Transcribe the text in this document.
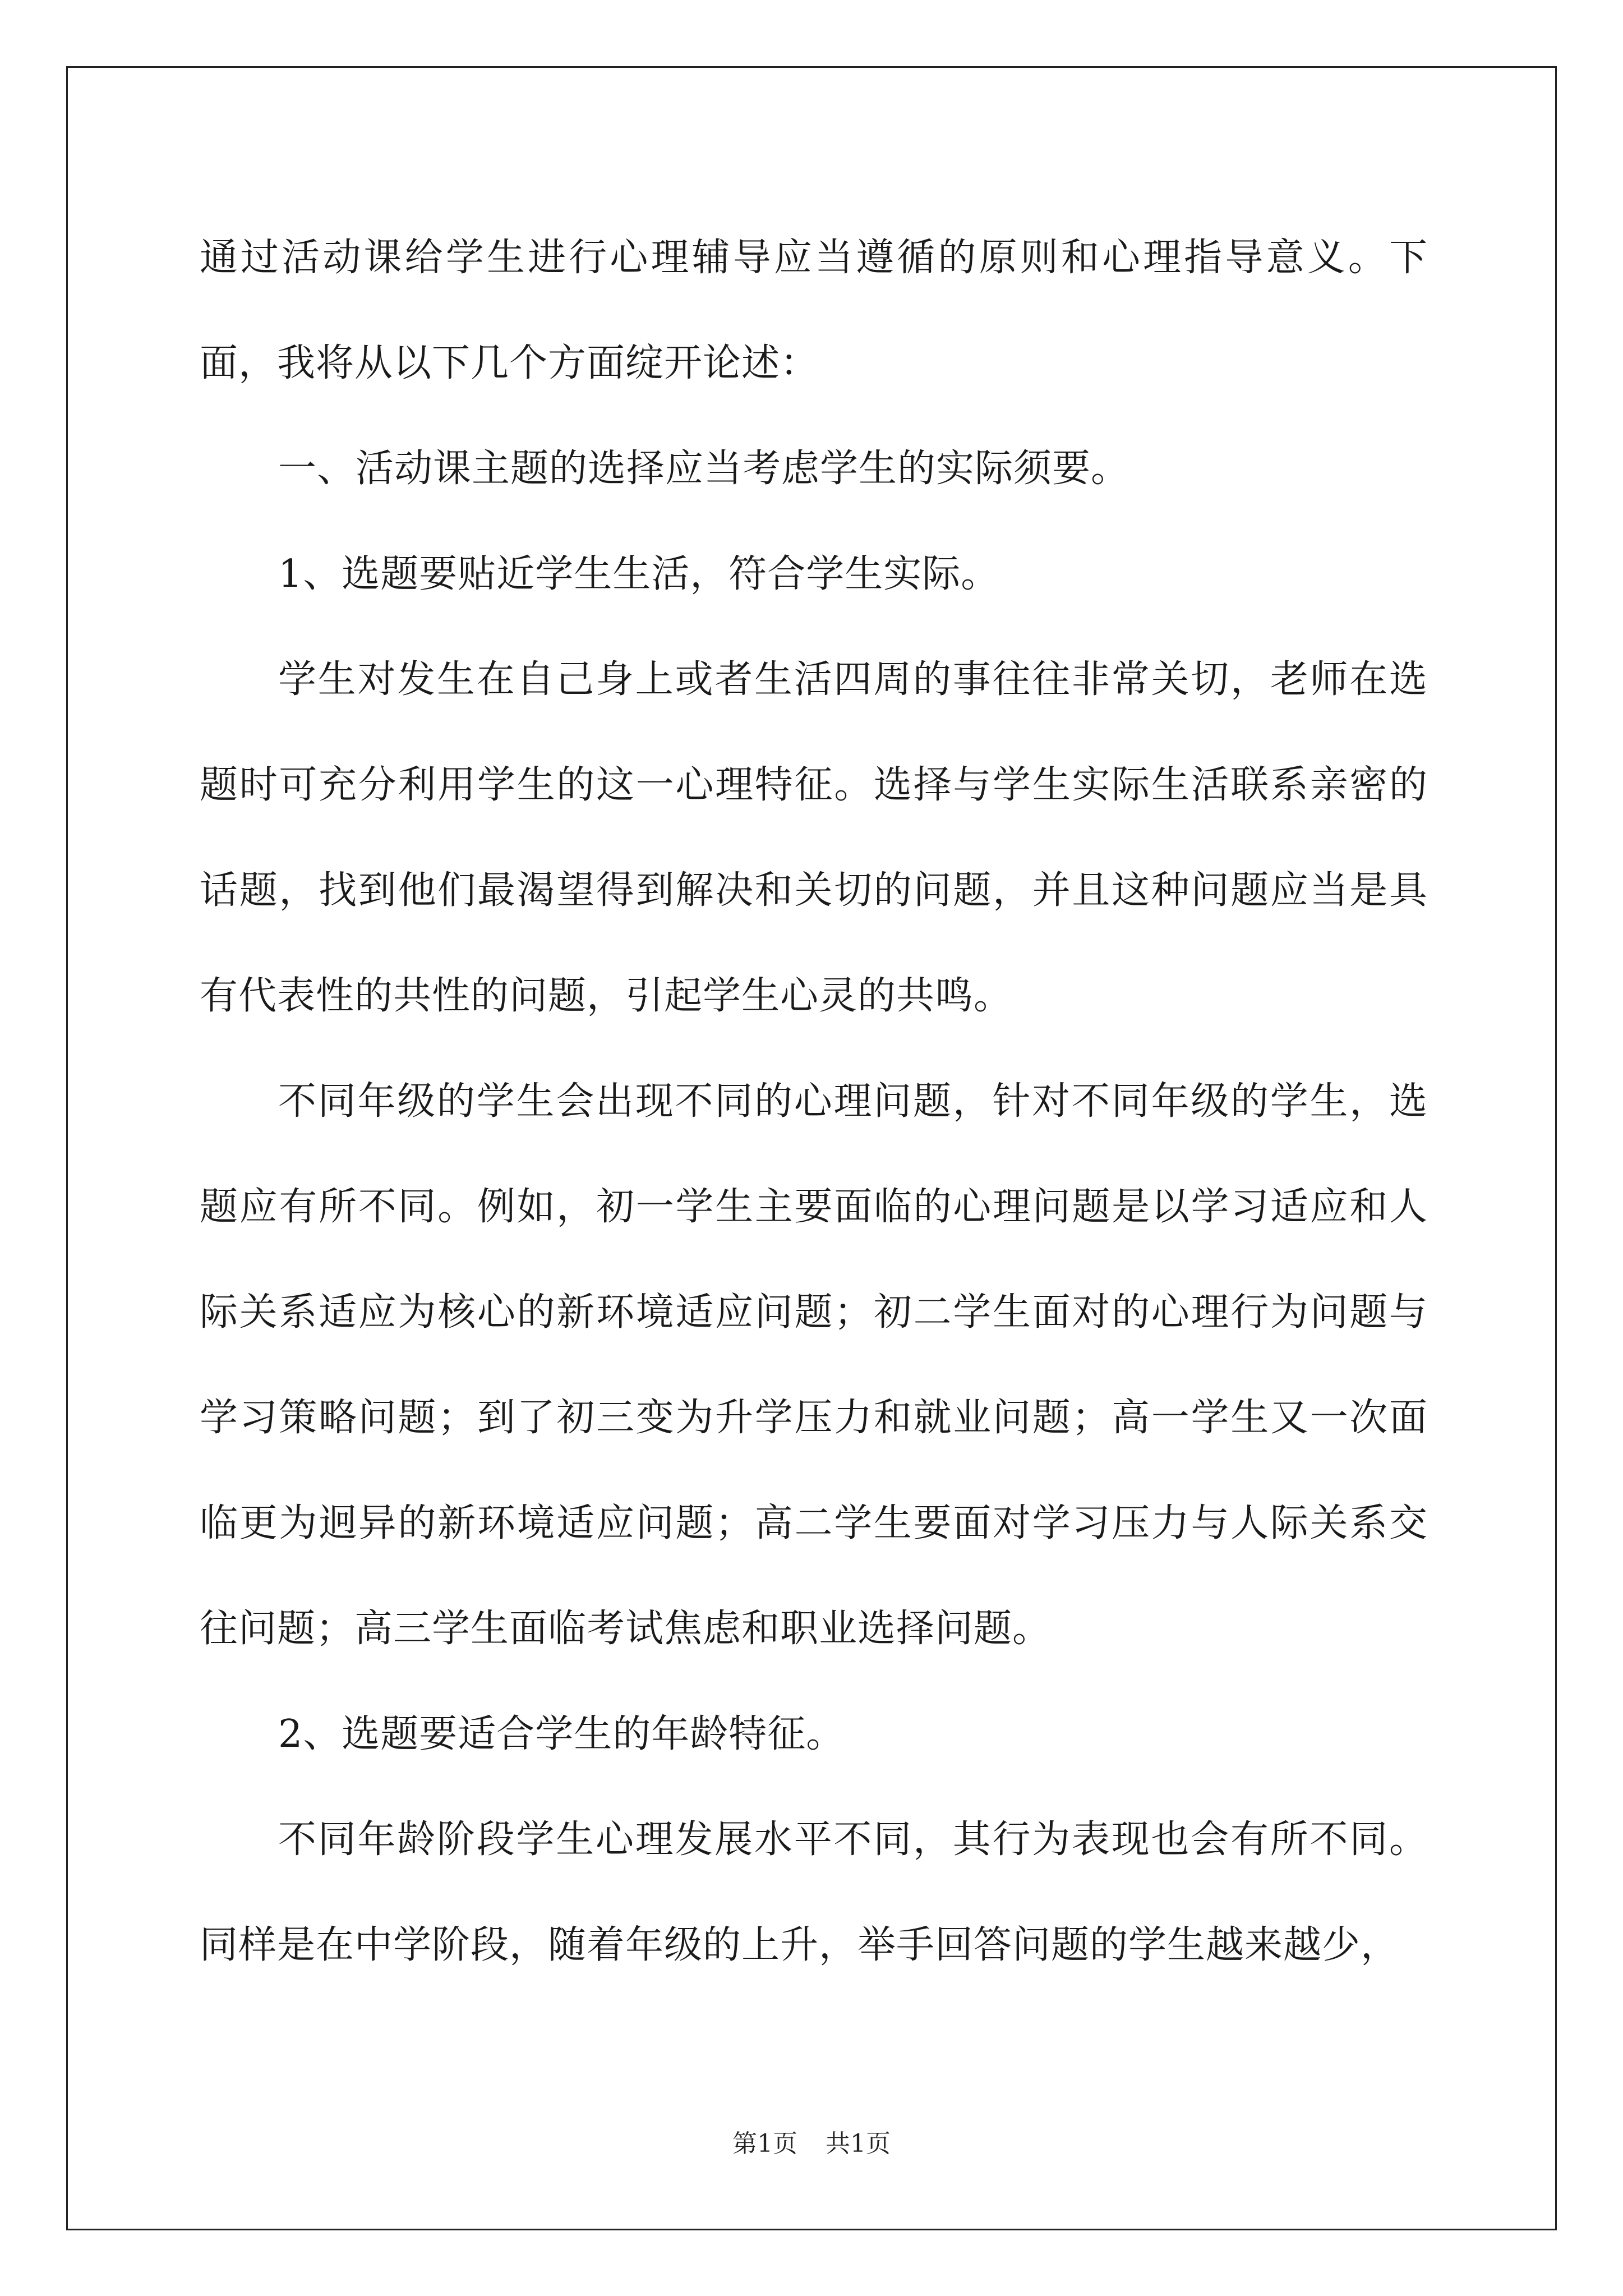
通过活动课给学生进行心理辅导应当遵循的原则和心理指导意义。下面，我将从以下几个方面绽开论述：

一、活动课主题的选择应当考虑学生的实际须要。

1、选题要贴近学生生活，符合学生实际。

学生对发生在自己身上或者生活四周的事往往非常关切，老师在选题时可充分利用学生的这一心理特征。选择与学生实际生活联系亲密的话题，找到他们最渴望得到解决和关切的问题，并且这种问题应当是具有代表性的共性的问题，引起学生心灵的共鸣。

不同年级的学生会出现不同的心理问题，针对不同年级的学生，选题应有所不同。例如，初一学生主要面临的心理问题是以学习适应和人际关系适应为核心的新环境适应问题；初二学生面对的心理行为问题与学习策略问题；到了初三变为升学压力和就业问题；高一学生又一次面临更为迥异的新环境适应问题；高二学生要面对学习压力与人际关系交往问题；高三学生面临考试焦虑和职业选择问题。

2、选题要适合学生的年龄特征。

不同年龄阶段学生心理发展水平不同，其行为表现也会有所不同。同样是在中学阶段，随着年级的上升，举手回答问题的学生越来越少，

第1页 共1页
